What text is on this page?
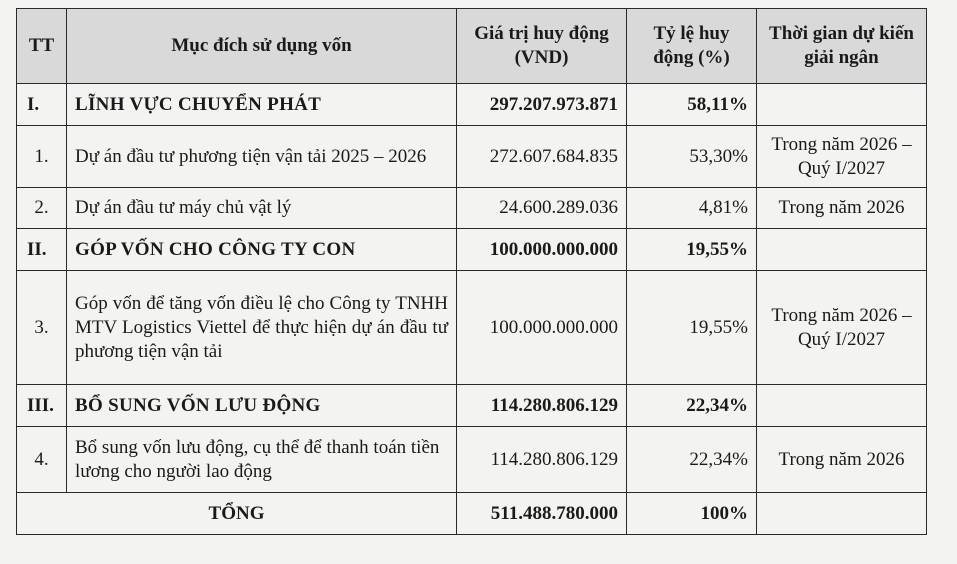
TT	Mục đích sử dụng vốn	Giá trị huy động (VND)	Tỷ lệ huy động (%)	Thời gian dự kiến giải ngân
I.	LĨNH VỰC CHUYỂN PHÁT	297.207.973.871	58,11%	
1.	Dự án đầu tư phương tiện vận tải 2025 – 2026	272.607.684.835	53,30%	Trong năm 2026 – Quý I/2027
2.	Dự án đầu tư máy chủ vật lý	24.600.289.036	4,81%	Trong năm 2026
II.	GÓP VỐN CHO CÔNG TY CON	100.000.000.000	19,55%	
3.	Góp vốn để tăng vốn điều lệ cho Công ty TNHH MTV Logistics Viettel để thực hiện dự án đầu tư phương tiện vận tải	100.000.000.000	19,55%	Trong năm 2026 – Quý I/2027
III.	BỔ SUNG VỐN LƯU ĐỘNG	114.280.806.129	22,34%	
4.	Bổ sung vốn lưu động, cụ thể để thanh toán tiền lương cho người lao động	114.280.806.129	22,34%	Trong năm 2026
TỔNG		511.488.780.000	100%	
